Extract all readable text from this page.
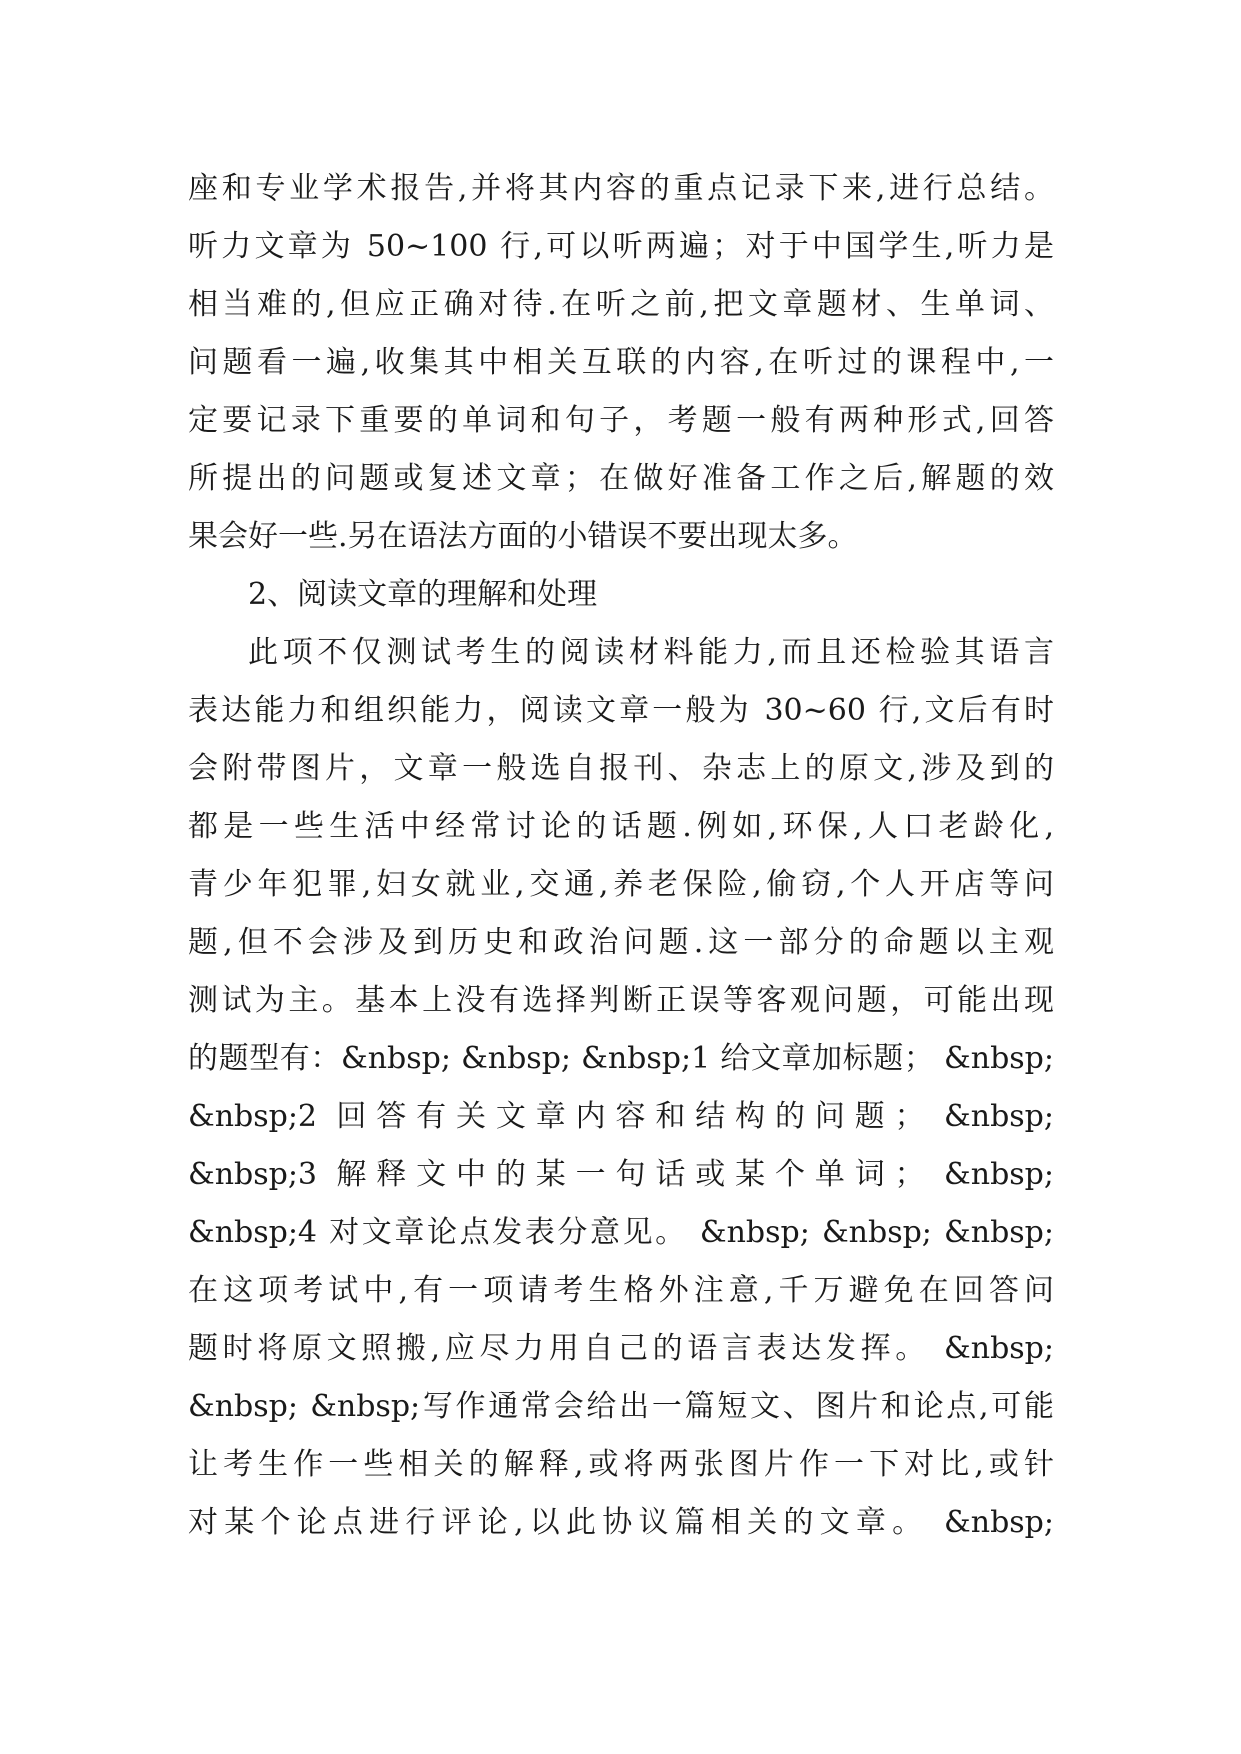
座和专业学术报告,并将其内容的重点记录下来,进行总结。
听力文章为 50~100 行,可以听两遍；对于中国学生,听力是
相当难的,但应正确对待.在听之前,把文章题材、生单词、
问题看一遍,收集其中相关互联的内容,在听过的课程中,一
定要记录下重要的单词和句子，考题一般有两种形式,回答
所提出的问题或复述文章；在做好准备工作之后,解题的效
果会好一些.另在语法方面的小错误不要出现太多。
2、阅读文章的理解和处理
此项不仅测试考生的阅读材料能力,而且还检验其语言
表达能力和组织能力，阅读文章一般为 30~60 行,文后有时
会附带图片，文章一般选自报刊、杂志上的原文,涉及到的
都是一些生活中经常讨论的话题.例如,环保,人口老龄化,
青少年犯罪,妇女就业,交通,养老保险,偷窃,个人开店等问
题,但不会涉及到历史和政治问题.这一部分的命题以主观
测试为主。基本上没有选择判断正误等客观问题，可能出现
的题型有：&nbsp; &nbsp; &nbsp;1 给文章加标题； &nbsp;
&nbsp;2 回答有关文章内容和结构的问题； &nbsp;
&nbsp;3 解释文中的某一句话或某个单词； &nbsp;
&nbsp;4 对文章论点发表分意见。 &nbsp; &nbsp; &nbsp;
在这项考试中,有一项请考生格外注意,千万避免在回答问
题时将原文照搬,应尽力用自己的语言表达发挥。 &nbsp;
&nbsp; &nbsp;写作通常会给出一篇短文、图片和论点,可能
让考生作一些相关的解释,或将两张图片作一下对比,或针
对某个论点进行评论,以此协议篇相关的文章。 &nbsp;
